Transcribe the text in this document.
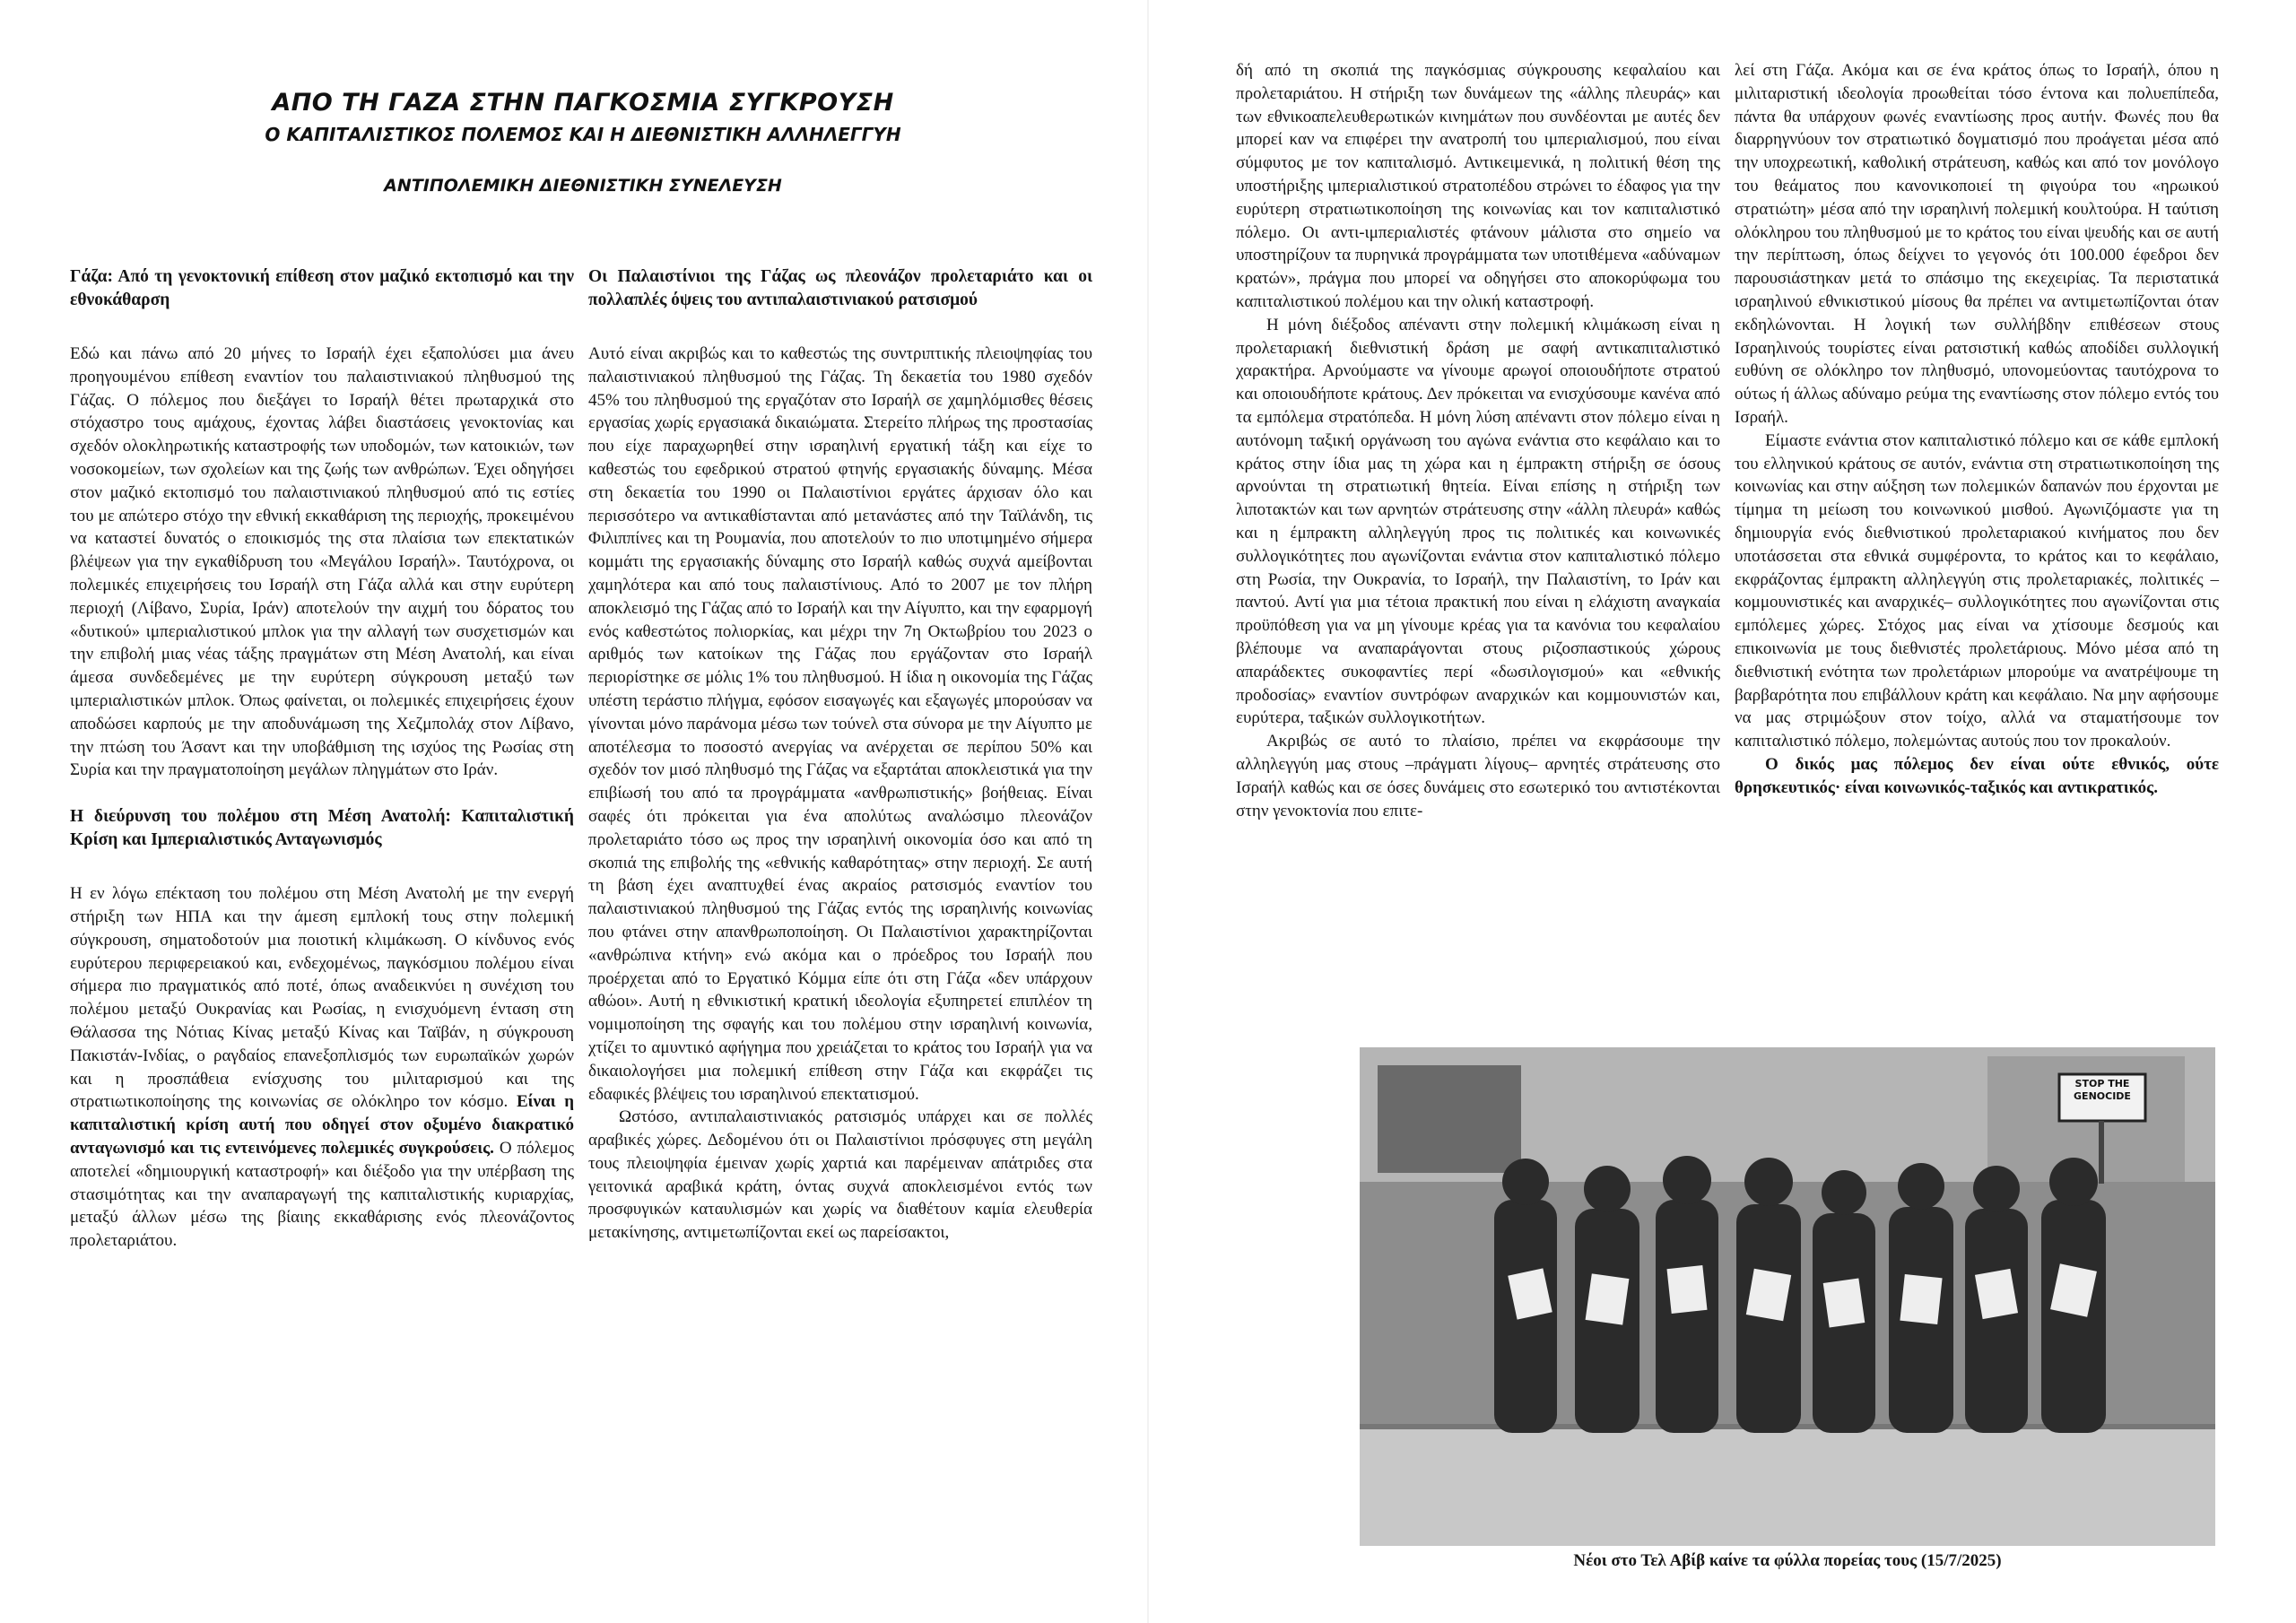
ΑΠΟ ΤΗ ΓΑΖΑ ΣΤΗΝ ΠΑΓΚΟΣΜΙΑ ΣΥΓΚΡΟΥΣΗ
Ο ΚΑΠΙΤΑΛΙΣΤΙΚΟΣ ΠΟΛΕΜΟΣ ΚΑΙ Η ΔΙΕΘΝΙΣΤΙΚΗ ΑΛΛΗΛΕΓΓΥΗ
ΑΝΤΙΠΟΛΕΜΙΚΗ ΔΙΕΘΝΙΣΤΙΚΗ ΣΥΝΕΛΕΥΣΗ
Γάζα: Από τη γενοκτονική επίθεση στον μαζικό εκτοπισμό και την εθνοκάθαρση

Εδώ και πάνω από 20 μήνες το Ισραήλ έχει εξαπολύσει μια άνευ προηγουμένου επίθεση εναντίον του παλαιστινιακού πληθυσμού της Γάζας. Ο πόλεμος που διεξάγει το Ισραήλ θέτει πρωταρχικά στο στόχαστρο τους αμάχους, έχοντας λάβει διαστάσεις γενοκτονίας και σχεδόν ολοκληρωτικής καταστροφής των υποδομών, των κατοικιών, των νοσοκομείων, των σχολείων και της ζωής των ανθρώπων. Έχει οδηγήσει στον μαζικό εκτοπισμό του παλαιστινιακού πληθυσμού από τις εστίες του με απώτερο στόχο την εθνική εκκαθάριση της περιοχής, προκειμένου να καταστεί δυνατός ο εποικισμός της στα πλαίσια των επεκτατικών βλέψεων για την εγκαθίδρυση του «Μεγάλου Ισραήλ». Ταυτόχρονα, οι πολεμικές επιχειρήσεις του Ισραήλ στη Γάζα αλλά και στην ευρύτερη περιοχή (Λίβανο, Συρία, Ιράν) αποτελούν την αιχμή του δόρατος του «δυτικού» ιμπεριαλιστικού μπλοκ για την αλλαγή των συσχετισμών και την επιβολή μιας νέας τάξης πραγμάτων στη Μέση Ανατολή, και είναι άμεσα συνδεδεμένες με την ευρύτερη σύγκρουση μεταξύ των ιμπεριαλιστικών μπλοκ. Όπως φαίνεται, οι πολεμικές επιχειρήσεις έχουν αποδώσει καρπούς με την αποδυνάμωση της Χεζμπολάχ στον Λίβανο, την πτώση του Άσαντ και την υποβάθμιση της ισχύος της Ρωσίας στη Συρία και την πραγματοποίηση μεγάλων πληγμάτων στο Ιράν.

Η διεύρυνση του πολέμου στη Μέση Ανατολή: Καπιταλιστική Κρίση και Ιμπεριαλιστικός Ανταγωνισμός

Η εν λόγω επέκταση του πολέμου στη Μέση Ανατολή με την ενεργή στήριξη των ΗΠΑ και την άμεση εμπλοκή τους στην πολεμική σύγκρουση, σηματοδοτούν μια ποιοτική κλιμάκωση. Ο κίνδυνος ενός ευρύτερου περιφερειακού και, ενδεχομένως, παγκόσμιου πολέμου είναι σήμερα πιο πραγματικός από ποτέ, όπως αναδεικνύει η συνέχιση του πολέμου μεταξύ Ουκρανίας και Ρωσίας, η ενισχυόμενη ένταση στη Θάλασσα της Νότιας Κίνας μεταξύ Κίνας και Ταϊβάν, η σύγκρουση Πακιστάν-Ινδίας, ο ραγδαίος επανεξοπλισμός των ευρωπαϊκών χωρών και η προσπάθεια ενίσχυσης του μιλιταρισμού και της στρατιωτικοποίησης της κοινωνίας σε ολόκληρο τον κόσμο. Είναι η καπιταλιστική κρίση αυτή που οδηγεί στον οξυμένο διακρατικό ανταγωνισμό και τις εντεινόμενες πολεμικές συγκρούσεις. Ο πόλεμος αποτελεί «δημιουργική καταστροφή» και διέξοδο για την υπέρβαση της στασιμότητας και την αναπαραγωγή της καπιταλιστικής κυριαρχίας, μεταξύ άλλων μέσω της βίαιης εκκαθάρισης ενός πλεονάζοντος προλεταριάτου.

Οι Παλαιστίνιοι της Γάζας ως πλεονάζον προλεταριάτο και οι πολλαπλές όψεις του αντιπαλαιστινιακού ρατσισμού

Αυτό είναι ακριβώς και το καθεστώς της συντριπτικής πλειοψηφίας του παλαιστινιακού πληθυσμού της Γάζας. Τη δεκαετία του 1980 σχεδόν 45% του πληθυσμού της εργαζόταν στο Ισραήλ σε χαμηλόμισθες θέσεις εργασίας χωρίς εργασιακά δικαιώματα. Στερείτο πλήρως της προστασίας που είχε παραχωρηθεί στην ισραηλινή εργατική τάξη και είχε το καθεστώς του εφεδρικού στρατού φτηνής εργασιακής δύναμης. Μέσα στη δεκαετία του 1990 οι Παλαιστίνιοι εργάτες άρχισαν όλο και περισσότερο να αντικαθίστανται από μετανάστες από την Ταϊλάνδη, τις Φιλιππίνες και τη Ρουμανία, που αποτελούν το πιο υποτιμημένο σήμερα κομμάτι της εργασιακής δύναμης στο Ισραήλ καθώς συχνά αμείβονται χαμηλότερα και από τους παλαιστίνιους. Από το 2007 με τον πλήρη αποκλεισμό της Γάζας από το Ισραήλ και την Αίγυπτο, και την εφαρμογή ενός καθεστώτος πολιορκίας, και μέχρι την 7η Οκτωβρίου του 2023 ο αριθμός των κατοίκων της Γάζας που εργάζονταν στο Ισραήλ περιορίστηκε σε μόλις 1% του πληθυσμού. Η ίδια η οικονομία της Γάζας υπέστη τεράστιο πλήγμα, εφόσον εισαγωγές και εξαγωγές μπορούσαν να γίνονται μόνο παράνομα μέσω των τούνελ στα σύνορα με την Αίγυπτο με αποτέλεσμα το ποσοστό ανεργίας να ανέρχεται σε περίπου 50% και σχεδόν τον μισό πληθυσμό της Γάζας να εξαρτάται αποκλειστικά για την επιβίωσή του από τα προγράμματα «ανθρωπιστικής» βοήθειας. Είναι σαφές ότι πρόκειται για ένα απολύτως αναλώσιμο πλεονάζον προλεταριάτο τόσο ως προς την ισραηλινή οικονομία όσο και από τη σκοπιά της επιβολής της «εθνικής καθαρότητας» στην περιοχή. Σε αυτή τη βάση έχει αναπτυχθεί ένας ακραίος ρατσισμός εναντίον του παλαιστινιακού πληθυσμού της Γάζας εντός της ισραηλινής κοινωνίας που φτάνει στην απανθρωποποίηση. Οι Παλαιστίνιοι χαρακτηρίζονται «ανθρώπινα κτήνη» ενώ ακόμα και ο πρόεδρος του Ισραήλ που προέρχεται από το Εργατικό Κόμμα είπε ότι στη Γάζα «δεν υπάρχουν αθώοι». Αυτή η εθνικιστική κρατική ιδεολογία εξυπηρετεί επιπλέον τη νομιμοποίηση της σφαγής και του πολέμου στην ισραηλινή κοινωνία, χτίζει το αμυντικό αφήγημα που χρειάζεται το κράτος του Ισραήλ για να δικαιολογήσει μια πολεμική επίθεση στην Γάζα και εκφράζει τις εδαφικές βλέψεις του ισραηλινού επεκτατισμού.

Ωστόσο, αντιπαλαιστινιακός ρατσισμός υπάρχει και σε πολλές αραβικές χώρες. Δεδομένου ότι οι Παλαιστίνιοι πρόσφυγες στη μεγάλη τους πλειοψηφία έμειναν χωρίς χαρτιά και παρέμειναν απάτριδες στα γειτονικά αραβικά κράτη, όντας συχνά αποκλεισμένοι εντός των προσφυγικών καταυλισμών και χωρίς να διαθέτουν καμία ελευθερία μετακίνησης, αντιμετωπίζονται εκεί ως παρείσακτοι,

δή από τη σκοπιά της παγκόσμιας σύγκρουσης κεφαλαίου και προλεταριάτου. Η στήριξη των δυνάμεων της «άλλης πλευράς» και των εθνικοαπελευθερωτικών κινημάτων που συνδέονται με αυτές δεν μπορεί καν να επιφέρει την ανατροπή του ιμπεριαλισμού, που είναι σύμφυτος με τον καπιταλισμό. Αντικειμενικά, η πολιτική θέση της υποστήριξης ιμπεριαλιστικού στρατοπέδου στρώνει το έδαφος για την ευρύτερη στρατιωτικοποίηση της κοινωνίας και τον καπιταλιστικό πόλεμο. Οι αντι-ιμπεριαλιστές φτάνουν μάλιστα στο σημείο να υποστηρίζουν τα πυρηνικά προγράμματα των υποτιθέμενα «αδύναμων κρατών», πράγμα που μπορεί να οδηγήσει στο αποκορύφωμα του καπιταλιστικού πολέμου και την ολική καταστροφή.

Η μόνη διέξοδος απέναντι στην πολεμική κλιμάκωση είναι η προλεταριακή διεθνιστική δράση με σαφή αντικαπιταλιστικό χαρακτήρα. Αρνούμαστε να γίνουμε αρωγοί οποιουδήποτε στρατού και οποιουδήποτε κράτους. Δεν πρόκειται να ενισχύσουμε κανένα από τα εμπόλεμα στρατόπεδα. Η μόνη λύση απέναντι στον πόλεμο είναι η αυτόνομη ταξική οργάνωση του αγώνα ενάντια στο κεφάλαιο και το κράτος στην ίδια μας τη χώρα και η έμπρακτη στήριξη σε όσους αρνούνται τη στρατιωτική θητεία. Είναι επίσης η στήριξη των λιποτακτών και των αρνητών στράτευσης στην «άλλη πλευρά» καθώς και η έμπρακτη αλληλεγγύη προς τις πολιτικές και κοινωνικές συλλογικότητες που αγωνίζονται ενάντια στον καπιταλιστικό πόλεμο στη Ρωσία, την Ουκρανία, το Ισραήλ, την Παλαιστίνη, το Ιράν και παντού. Αντί για μια τέτοια πρακτική που είναι η ελάχιστη αναγκαία προϋπόθεση για να μη γίνουμε κρέας για τα κανόνια του κεφαλαίου βλέπουμε να αναπαράγονται στους ριζοσπαστικούς χώρους απαράδεκτες συκοφαντίες περί «δωσιλογισμού» και «εθνικής προδοσίας» εναντίον συντρόφων αναρχικών και κομμουνιστών και, ευρύτερα, ταξικών συλλογικοτήτων.

Ακριβώς σε αυτό το πλαίσιο, πρέπει να εκφράσουμε την αλληλεγγύη μας στους –πράγματι λίγους– αρνητές στράτευσης στο Ισραήλ καθώς και σε όσες δυνάμεις στο εσωτερικό του αντιστέκονται στην γενοκτονία που επιτε-

λεί στη Γάζα. Ακόμα και σε ένα κράτος όπως το Ισραήλ, όπου η μιλιταριστική ιδεολογία προωθείται τόσο έντονα και πολυεπίπεδα, πάντα θα υπάρχουν φωνές εναντίωσης προς αυτήν. Φωνές που θα διαρρηγνύουν τον στρατιωτικό δογματισμό που προάγεται μέσα από την υποχρεωτική, καθολική στράτευση, καθώς και από τον μονόλογο του θεάματος που κανονικοποιεί τη φιγούρα του «ηρωικού στρατιώτη» μέσα από την ισραηλινή πολεμική κουλτούρα. Η ταύτιση ολόκληρου του πληθυσμού με το κράτος του είναι ψευδής και σε αυτή την περίπτωση, όπως δείχνει το γεγονός ότι 100.000 έφεδροι δεν παρουσιάστηκαν μετά το σπάσιμο της εκεχειρίας. Τα περιστατικά ισραηλινού εθνικιστικού μίσους θα πρέπει να αντιμετωπίζονται όταν εκδηλώνονται. Η λογική των συλλήβδην επιθέσεων στους Ισραηλινούς τουρίστες είναι ρατσιστική καθώς αποδίδει συλλογική ευθύνη σε ολόκληρο τον πληθυσμό, υπονομεύοντας ταυτόχρονα το ούτως ή άλλως αδύναμο ρεύμα της εναντίωσης στον πόλεμο εντός του Ισραήλ.

Είμαστε ενάντια στον καπιταλιστικό πόλεμο και σε κάθε εμπλοκή του ελληνικού κράτους σε αυτόν, ενάντια στη στρατιωτικοποίηση της κοινωνίας και στην αύξηση των πολεμικών δαπανών που έρχονται με τίμημα τη μείωση του κοινωνικού μισθού. Αγωνιζόμαστε για τη δημιουργία ενός διεθνιστικού προλεταριακού κινήματος που δεν υποτάσσεται στα εθνικά συμφέροντα, το κράτος και το κεφάλαιο, εκφράζοντας έμπρακτη αλληλεγγύη στις προλεταριακές, πολιτικές –κομμουνιστικές και αναρχικές– συλλογικότητες που αγωνίζονται στις εμπόλεμες χώρες. Στόχος μας είναι να χτίσουμε δεσμούς και επικοινωνία με τους διεθνιστές προλετάριους. Μόνο μέσα από τη διεθνιστική ενότητα των προλετάριων μπορούμε να ανατρέψουμε τη βαρβαρότητα που επιβάλλουν κράτη και κεφάλαιο. Να μην αφήσουμε να μας στριμώξουν στον τοίχο, αλλά να σταματήσουμε τον καπιταλιστικό πόλεμο, πολεμώντας αυτούς που τον προκαλούν.

Ο δικός μας πόλεμος δεν είναι ούτε εθνικός, ούτε θρησκευτικός· είναι κοινωνικός-ταξικός και αντικρατικός.

STOP THE GENOCIDE
Νέοι στο Τελ Αβίβ καίνε τα φύλλα πορείας τους (15/7/2025)
